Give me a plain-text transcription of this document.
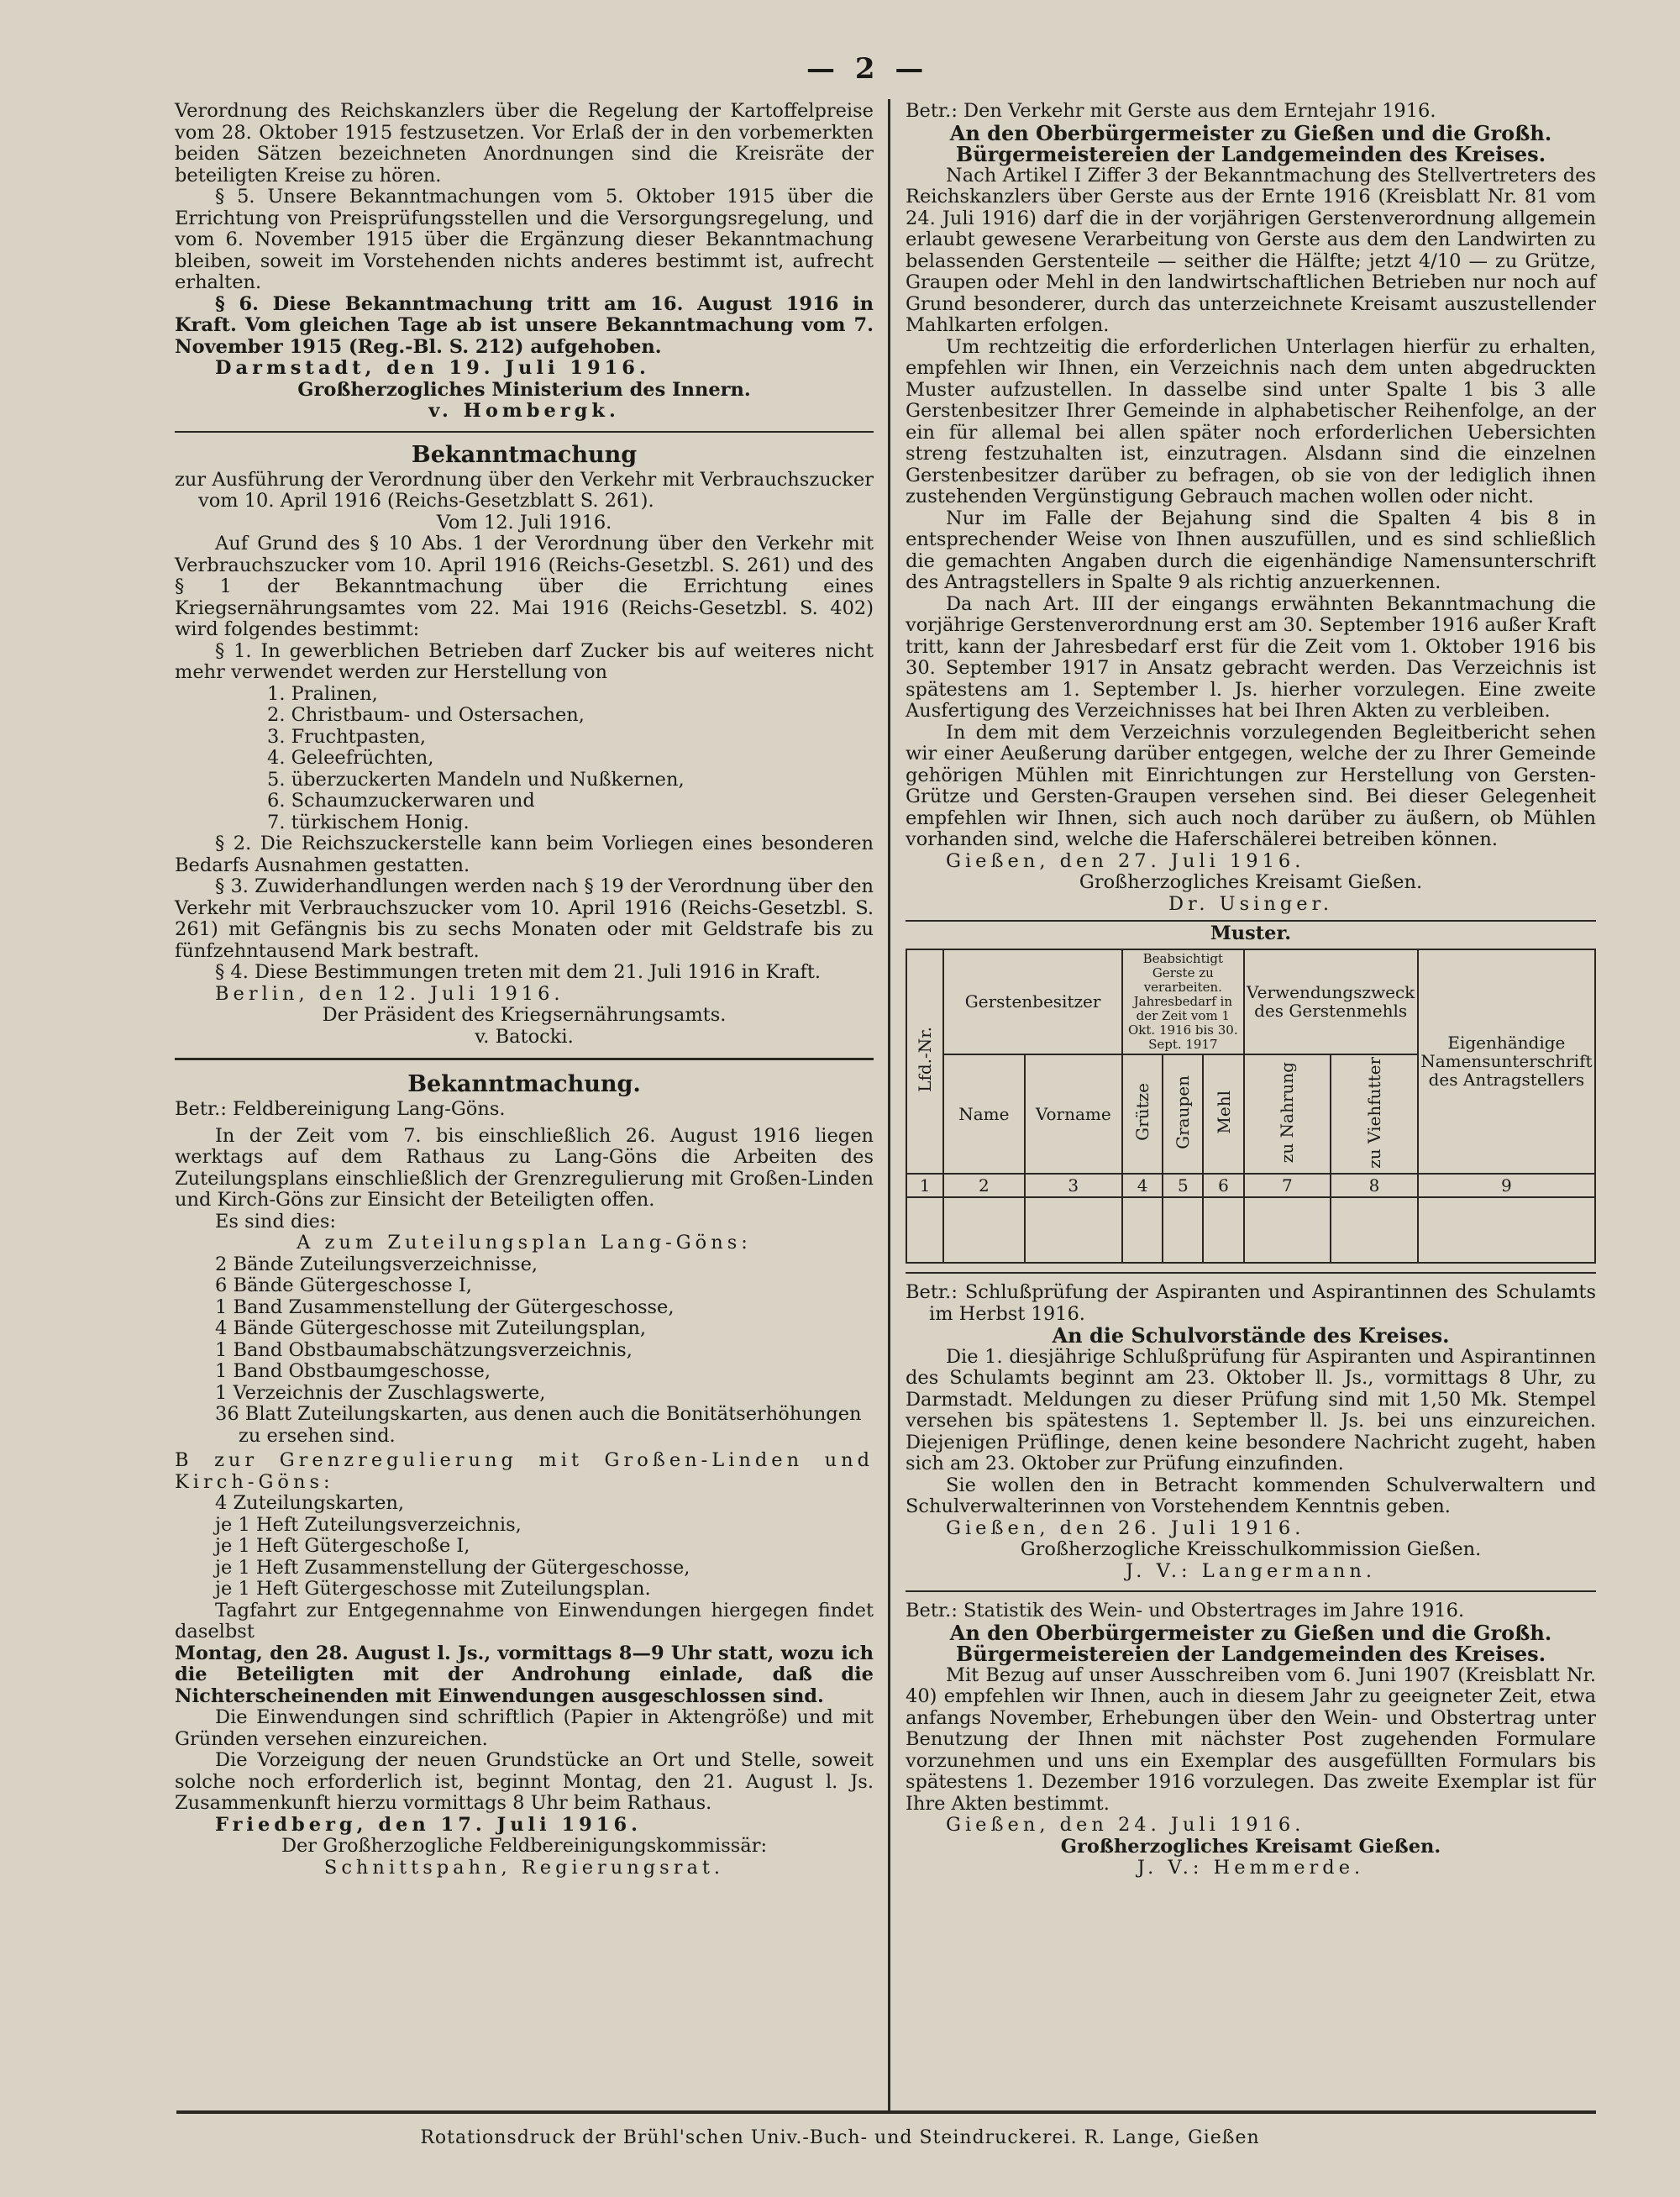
— 2 —

Verordnung des Reichskanzlers über die Regelung der Kartoffelpreise vom 28. Oktober 1915 festzusetzen. Vor Erlaß der in den vorbemerkten beiden Sätzen bezeichneten Anordnungen sind die Kreisräte der beteiligten Kreise zu hören.

§ 5. Unsere Bekanntmachungen vom 5. Oktober 1915 über die Errichtung von Preisprüfungsstellen und die Versorgungsregelung, und vom 6. November 1915 über die Ergänzung dieser Bekanntmachung bleiben, soweit im Vorstehenden nichts anderes bestimmt ist, aufrecht erhalten.

§ 6. Diese Bekanntmachung tritt am 16. August 1916 in Kraft. Vom gleichen Tage ab ist unsere Bekanntmachung vom 7. November 1915 (Reg.-Bl. S. 212) aufgehoben.

Darmstadt, den 19. Juli 1916.

Großherzogliches Ministerium des Innern.

v. Hombergk.

Bekanntmachung

zur Ausführung der Verordnung über den Verkehr mit Verbrauchszucker vom 10. April 1916 (Reichs-Gesetzblatt S. 261).

Vom 12. Juli 1916.

Auf Grund des § 10 Abs. 1 der Verordnung über den Verkehr mit Verbrauchszucker vom 10. April 1916 (Reichs-Gesetzbl. S. 261) und des § 1 der Bekanntmachung über die Errichtung eines Kriegsernährungsamtes vom 22. Mai 1916 (Reichs-Gesetzbl. S. 402) wird folgendes bestimmt:

§ 1. In gewerblichen Betrieben darf Zucker bis auf weiteres nicht mehr verwendet werden zur Herstellung von

1. Pralinen,
2. Christbaum- und Ostersachen,
3. Fruchtpasten,
4. Geleefrüchten,
5. überzuckerten Mandeln und Nußkernen,
6. Schaumzuckerwaren und
7. türkischem Honig.

§ 2. Die Reichszuckerstelle kann beim Vorliegen eines besonderen Bedarfs Ausnahmen gestatten.

§ 3. Zuwiderhandlungen werden nach § 19 der Verordnung über den Verkehr mit Verbrauchszucker vom 10. April 1916 (Reichs-Gesetzbl. S. 261) mit Gefängnis bis zu sechs Monaten oder mit Geldstrafe bis zu fünfzehntausend Mark bestraft.

§ 4. Diese Bestimmungen treten mit dem 21. Juli 1916 in Kraft.

Berlin, den 12. Juli 1916.

Der Präsident des Kriegsernährungsamts.

v. Batocki.

Bekanntmachung.

Betr.: Feldbereinigung Lang-Göns.

In der Zeit vom 7. bis einschließlich 26. August 1916 liegen werktags auf dem Rathaus zu Lang-Göns die Arbeiten des Zuteilungsplans einschließlich der Grenzregulierung mit Großen-Linden und Kirch-Göns zur Einsicht der Beteiligten offen.

Es sind dies:

A zum Zuteilungsplan Lang-Göns:

2 Bände Zuteilungsverzeichnisse,
6 Bände Gütergeschosse I,
1 Band Zusammenstellung der Gütergeschosse,
4 Bände Gütergeschosse mit Zuteilungsplan,
1 Band Obstbaumabschätzungsverzeichnis,
1 Band Obstbaumgeschosse,
1 Verzeichnis der Zuschlagswerte,
36 Blatt Zuteilungskarten, aus denen auch die Bonitätserhöhungen zu ersehen sind.

B zur Grenzregulierung mit Großen-Linden und Kirch-Göns:

4 Zuteilungskarten,
je 1 Heft Zuteilungsverzeichnis,
je 1 Heft Gütergeschoße I,
je 1 Heft Zusammenstellung der Gütergeschosse,
je 1 Heft Gütergeschosse mit Zuteilungsplan.

Tagfahrt zur Entgegennahme von Einwendungen hiergegen findet daselbst

Montag, den 28. August l. Js., vormittags 8—9 Uhr statt, wozu ich die Beteiligten mit der Androhung einlade, daß die Nichterscheinenden mit Einwendungen ausgeschlossen sind.

Die Einwendungen sind schriftlich (Papier in Aktengröße) und mit Gründen versehen einzureichen.

Die Vorzeigung der neuen Grundstücke an Ort und Stelle, soweit solche noch erforderlich ist, beginnt Montag, den 21. August l. Js. Zusammenkunft hierzu vormittags 8 Uhr beim Rathaus.

Friedberg, den 17. Juli 1916.

Der Großherzogliche Feldbereinigungskommissär:

Schnittspahn, Regierungsrat.

Betr.: Den Verkehr mit Gerste aus dem Erntejahr 1916.

An den Oberbürgermeister zu Gießen und die Großh. Bürgermeistereien der Landgemeinden des Kreises.

Nach Artikel I Ziffer 3 der Bekanntmachung des Stellvertreters des Reichskanzlers über Gerste aus der Ernte 1916 (Kreisblatt Nr. 81 vom 24. Juli 1916) darf die in der vorjährigen Gerstenverordnung allgemein erlaubt gewesene Verarbeitung von Gerste aus dem den Landwirten zu belassenden Gerstenteile — seither die Hälfte; jetzt 4/10 — zu Grütze, Graupen oder Mehl in den landwirtschaftlichen Betrieben nur noch auf Grund besonderer, durch das unterzeichnete Kreisamt auszustellender Mahlkarten erfolgen.

Um rechtzeitig die erforderlichen Unterlagen hierfür zu erhalten, empfehlen wir Ihnen, ein Verzeichnis nach dem unten abgedruckten Muster aufzustellen. In dasselbe sind unter Spalte 1 bis 3 alle Gerstenbesitzer Ihrer Gemeinde in alphabetischer Reihenfolge, an der ein für allemal bei allen später noch erforderlichen Uebersichten streng festzuhalten ist, einzutragen. Alsdann sind die einzelnen Gerstenbesitzer darüber zu befragen, ob sie von der lediglich ihnen zustehenden Vergünstigung Gebrauch machen wollen oder nicht.

Nur im Falle der Bejahung sind die Spalten 4 bis 8 in entsprechender Weise von Ihnen auszufüllen, und es sind schließlich die gemachten Angaben durch die eigenhändige Namensunterschrift des Antragstellers in Spalte 9 als richtig anzuerkennen.

Da nach Art. III der eingangs erwähnten Bekanntmachung die vorjährige Gerstenverordnung erst am 30. September 1916 außer Kraft tritt, kann der Jahresbedarf erst für die Zeit vom 1. Oktober 1916 bis 30. September 1917 in Ansatz gebracht werden. Das Verzeichnis ist spätestens am 1. September l. Js. hierher vorzulegen. Eine zweite Ausfertigung des Verzeichnisses hat bei Ihren Akten zu verbleiben.

In dem mit dem Verzeichnis vorzulegenden Begleitbericht sehen wir einer Aeußerung darüber entgegen, welche der zu Ihrer Gemeinde gehörigen Mühlen mit Einrichtungen zur Herstellung von Gersten-Grütze und Gersten-Graupen versehen sind. Bei dieser Gelegenheit empfehlen wir Ihnen, sich auch noch darüber zu äußern, ob Mühlen vorhanden sind, welche die Haferschälerei betreiben können.

Gießen, den 27. Juli 1916.

Großherzogliches Kreisamt Gießen.

Dr. Usinger.

Muster.

Lfd.-Nr.	Gerstenbesitzer		Beabsichtigt Gerste zu verarbeiten. Jahresbedarf in der Zeit vom 1 Okt. 1916 bis 30. Sept. 1917			Verwendungszweck des Gerstenmehls		Eigenhändige Namensunterschrift des Antragstellers
	Name	Vorname	Grütze	Graupen	Mehl	zu Nahrung	zu Viehfutter	
1	2	3	4	5	6	7	8	9

Betr.: Schlußprüfung der Aspiranten und Aspirantinnen des Schulamts im Herbst 1916.

An die Schulvorstände des Kreises.

Die 1. diesjährige Schlußprüfung für Aspiranten und Aspirantinnen des Schulamts beginnt am 23. Oktober ll. Js., vormittags 8 Uhr, zu Darmstadt. Meldungen zu dieser Prüfung sind mit 1,50 Mk. Stempel versehen bis spätestens 1. September ll. Js. bei uns einzureichen. Diejenigen Prüflinge, denen keine besondere Nachricht zugeht, haben sich am 23. Oktober zur Prüfung einzufinden.

Sie wollen den in Betracht kommenden Schulverwaltern und Schulverwalterinnen von Vorstehendem Kenntnis geben.

Gießen, den 26. Juli 1916.

Großherzogliche Kreisschulkommission Gießen.

J. V.: Langermann.

Betr.: Statistik des Wein- und Obstertrages im Jahre 1916.

An den Oberbürgermeister zu Gießen und die Großh. Bürgermeistereien der Landgemeinden des Kreises.

Mit Bezug auf unser Ausschreiben vom 6. Juni 1907 (Kreisblatt Nr. 40) empfehlen wir Ihnen, auch in diesem Jahr zu geeigneter Zeit, etwa anfangs November, Erhebungen über den Wein- und Obstertrag unter Benutzung der Ihnen mit nächster Post zugehenden Formulare vorzunehmen und uns ein Exemplar des ausgefüllten Formulars bis spätestens 1. Dezember 1916 vorzulegen. Das zweite Exemplar ist für Ihre Akten bestimmt.

Gießen, den 24. Juli 1916.

Großherzogliches Kreisamt Gießen.

J. V.: Hemmerde.

Rotationsdruck der Brühl'schen Univ.-Buch- und Steindruckerei. R. Lange, Gießen
